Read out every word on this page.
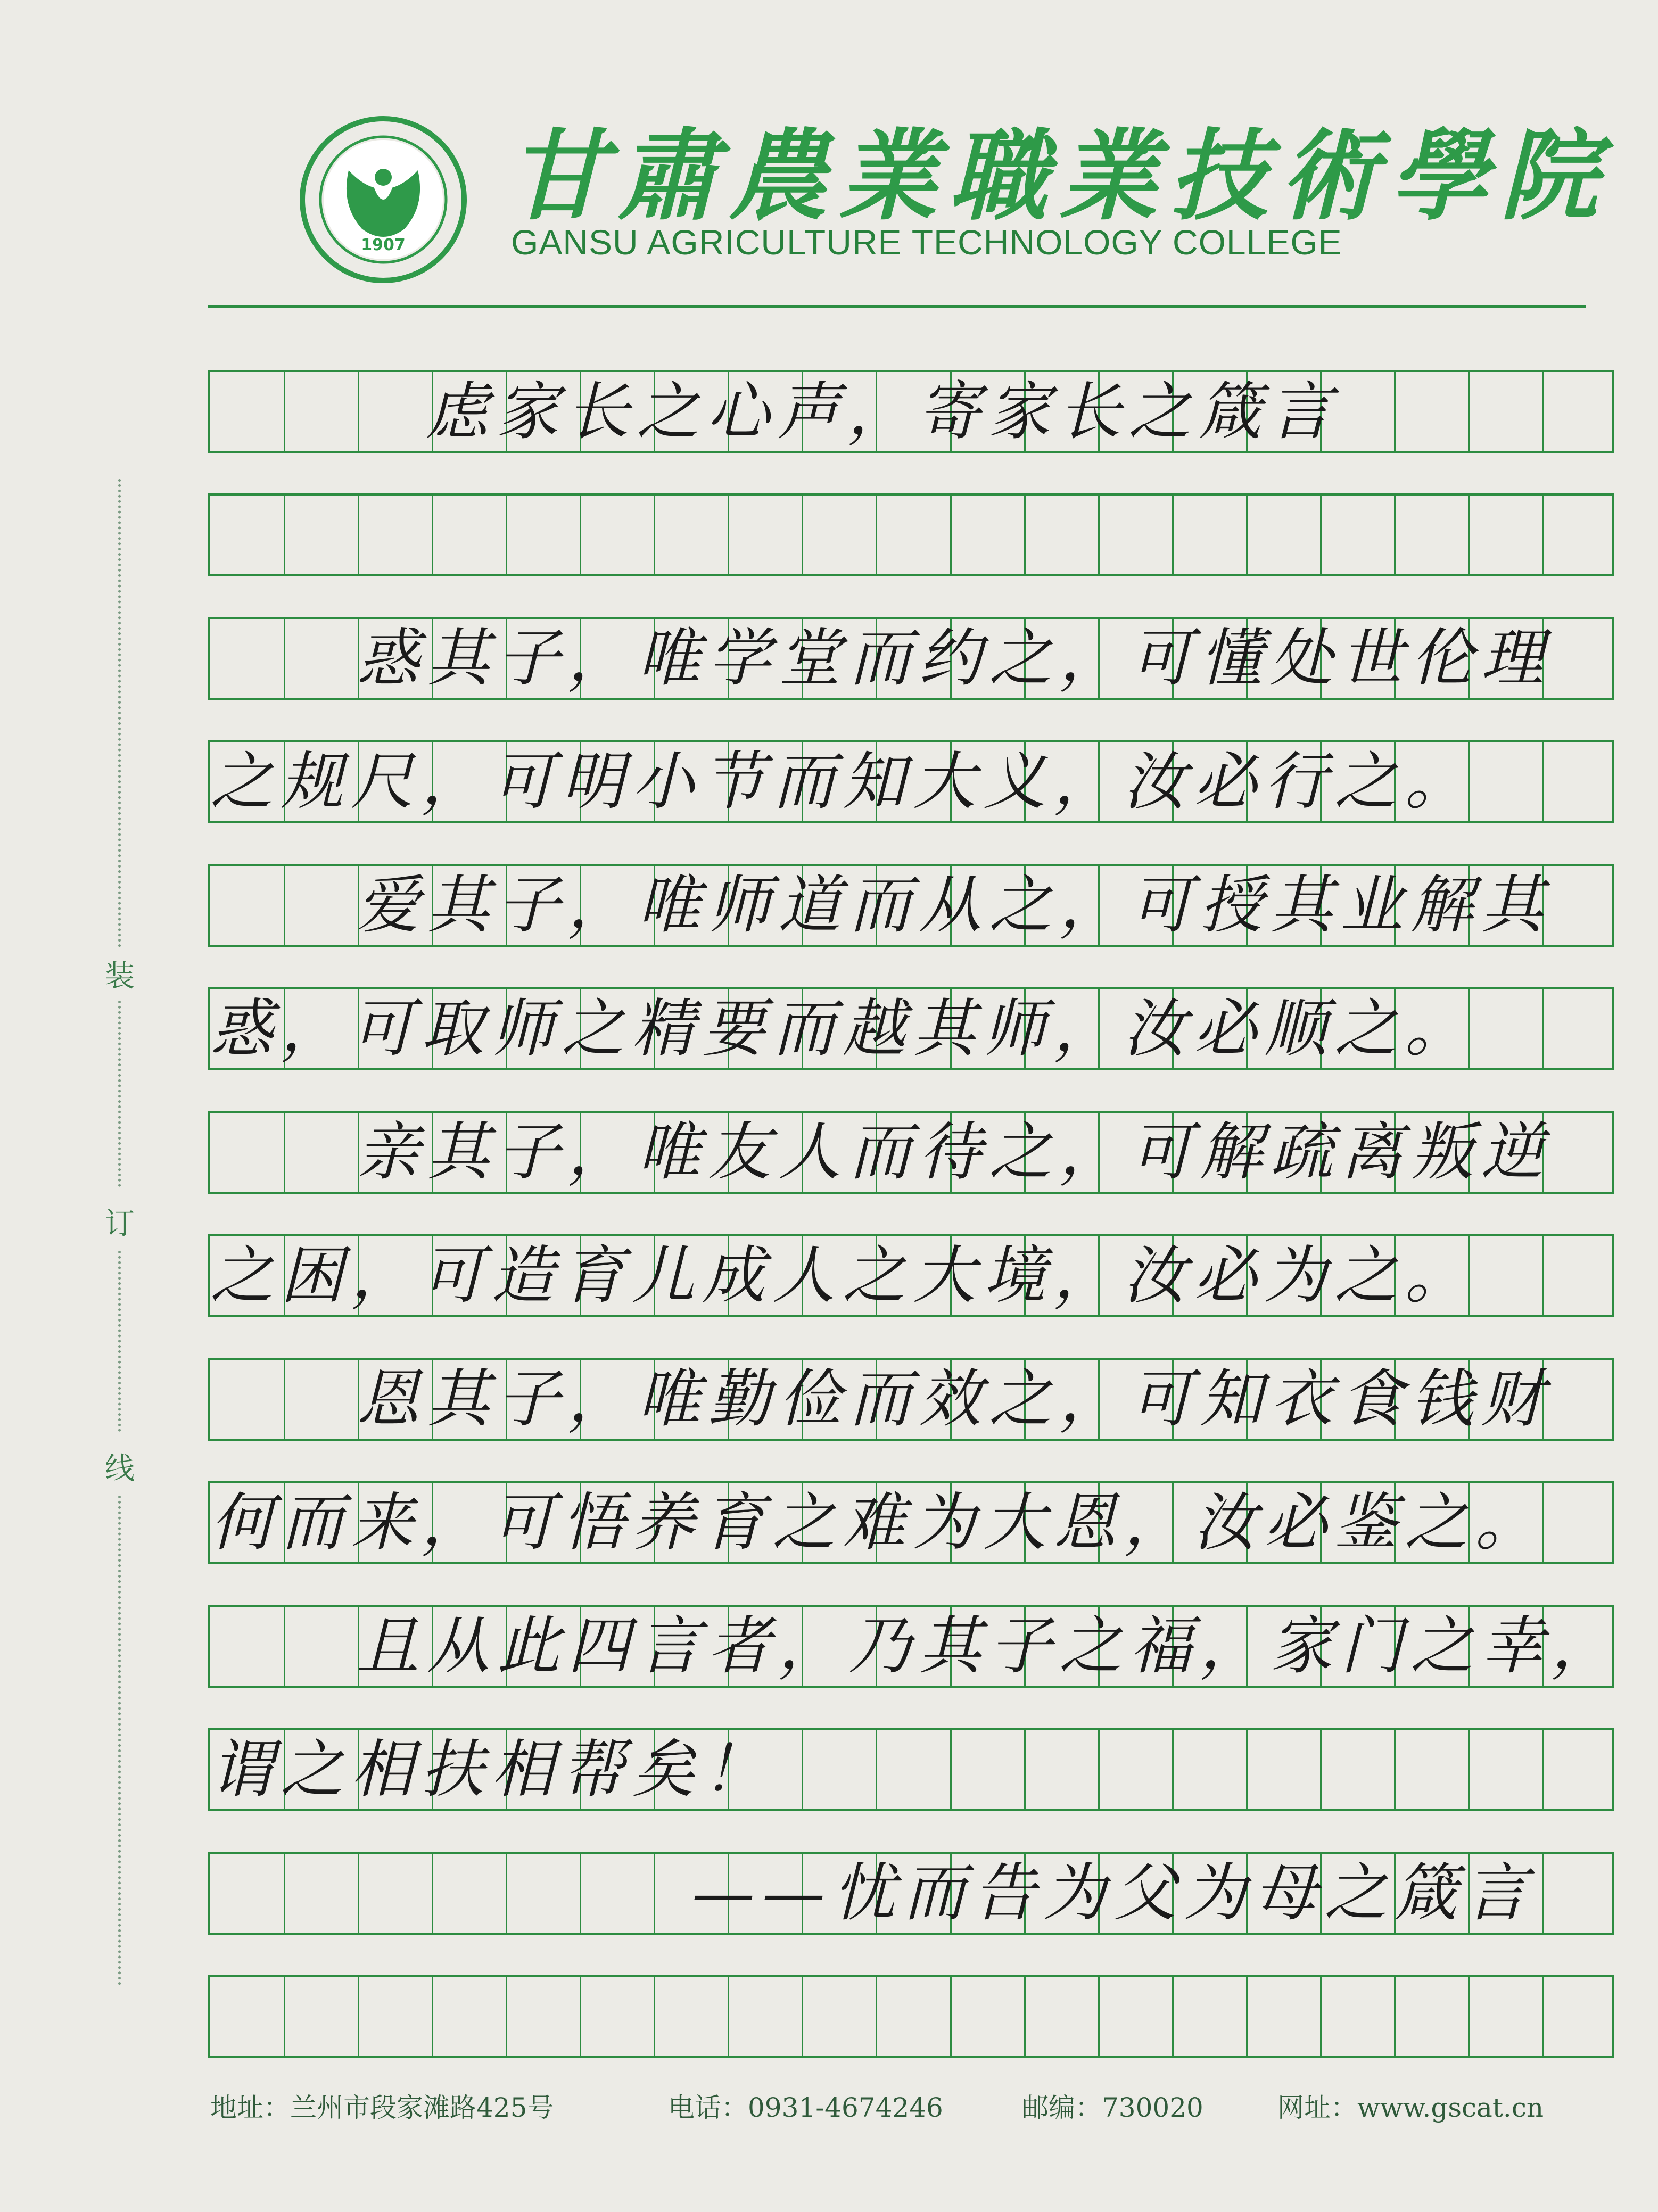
1907
甘肅農業職業技術學院
GANSU AGRICULTURE TECHNOLOGY COLLEGE
装
订
线
虑家长之心声，寄家长之箴言
惑其子，唯学堂而约之，可懂处世伦理
之规尺，可明小节而知大义，汝必行之。
爱其子，唯师道而从之，可授其业解其
惑，可取师之精要而越其师，汝必顺之。
亲其子，唯友人而待之，可解疏离叛逆
之困，可造育儿成人之大境，汝必为之。
恩其子，唯勤俭而效之，可知衣食钱财
何而来，可悟养育之难为大恩，汝必鉴之。
且从此四言者，乃其子之福，家门之幸，
谓之相扶相帮矣！
——忧而告为父为母之箴言
地址：兰州市段家滩路425号	电话：0931-4674246	邮编：730020	网址：www.gscat.cn
